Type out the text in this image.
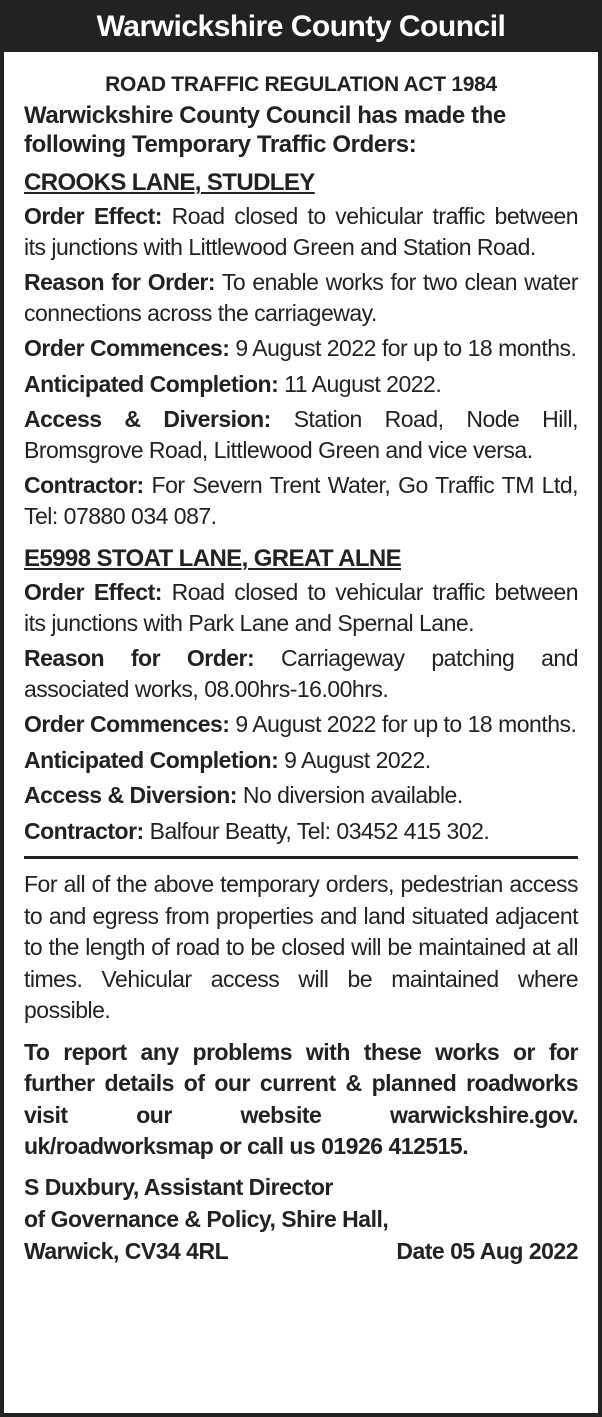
Warwickshire County Council
ROAD TRAFFIC REGULATION ACT 1984
Warwickshire County Council has made the following Temporary Traffic Orders:
CROOKS LANE, STUDLEY
Order Effect: Road closed to vehicular traffic between its junctions with Littlewood Green and Station Road.
Reason for Order: To enable works for two clean water connections across the carriageway.
Order Commences: 9 August 2022 for up to 18 months.
Anticipated Completion: 11 August 2022.
Access & Diversion: Station Road, Node Hill, Bromsgrove Road, Littlewood Green and vice versa.
Contractor: For Severn Trent Water, Go Traffic TM Ltd, Tel: 07880 034 087.
E5998 STOAT LANE, GREAT ALNE
Order Effect: Road closed to vehicular traffic between its junctions with Park Lane and Spernal Lane.
Reason for Order: Carriageway patching and associated works, 08.00hrs-16.00hrs.
Order Commences: 9 August 2022 for up to 18 months.
Anticipated Completion: 9 August 2022.
Access & Diversion: No diversion available.
Contractor: Balfour Beatty, Tel: 03452 415 302.
For all of the above temporary orders, pedestrian access to and egress from properties and land situated adjacent to the length of road to be closed will be maintained at all times. Vehicular access will be maintained where possible.
To report any problems with these works or for further details of our current & planned roadworks visit our website warwickshire.gov. uk/roadworksmap or call us 01926 412515.
S Duxbury, Assistant Director
of Governance & Policy, Shire Hall,
Warwick, CV34 4RL	Date 05 Aug 2022
